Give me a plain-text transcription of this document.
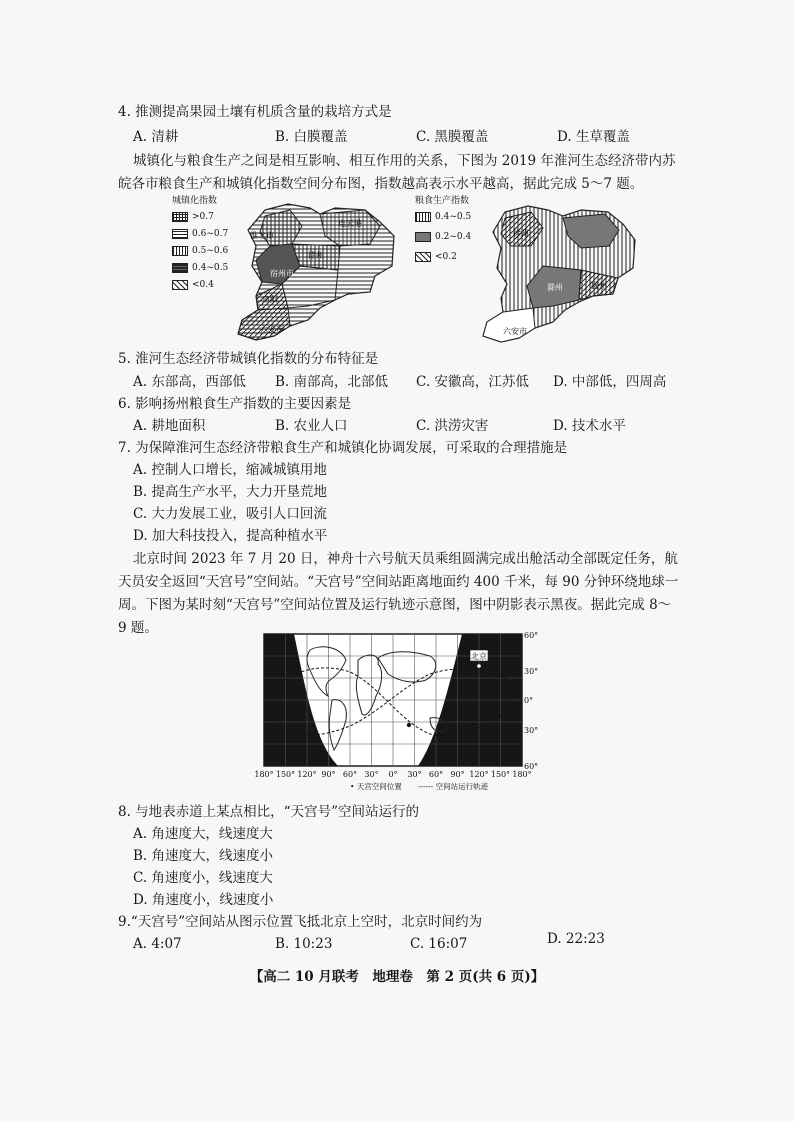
4. 推测提高果园土壤有机质含量的栽培方式是
A. 清耕	B. 白膜覆盖	C. 黑膜覆盖	D. 生草覆盖
城镇化与粮食生产之间是相互影响、相互作用的关系，下图为 2019 年淮河生态经济带内苏
皖各市粮食生产和城镇化指数空间分布图，指数越高表示水平越高，据此完成 5～7 题。
城镇化指数
>0.7
0.6~0.7
0.5~0.6
0.4~0.5
<0.4
淮北市
连云港
宿州市
徐州
六安市
阜阳
粮食生产指数
0.4~0.5
0.2~0.4
<0.2
扬州
滁州
六安市
徐州
5. 淮河生态经济带城镇化指数的分布特征是
A. 东部高，西部低 B. 南部高，北部低 C. 安徽高，江苏低 D. 中部低，四周高
6. 影响扬州粮食生产指数的主要因素是
A. 耕地面积	B. 农业人口	C. 洪涝灾害	D. 技术水平
7. 为保障淮河生态经济带粮食生产和城镇化协调发展，可采取的合理措施是
A. 控制人口增长，缩减城镇用地
B. 提高生产水平，大力开垦荒地
C. 大力发展工业，吸引人口回流
D. 加大科技投入，提高种植水平
北京时间 2023 年 7 月 20 日，神舟十六号航天员乘组圆满完成出舱活动全部既定任务，航
天员安全返回“天宫号”空间站。“天宫号”空间站距离地面约 400 千米，每 90 分钟环绕地球一
周。下图为某时刻“天宫号”空间站位置及运行轨迹示意图，图中阴影表示黑夜。据此完成 8～
9 题。
北京
60°
30°
0°
30°
60°
180° 150° 120° 90° 60° 30° 0° 30° 60° 90° 120° 150° 180°
• 天宫空间位置 ------ 空间站运行轨迹
8. 与地表赤道上某点相比，“天宫号”空间站运行的
A. 角速度大，线速度大
B. 角速度大，线速度小
C. 角速度小，线速度大
D. 角速度小，线速度小
9.“天宫号”空间站从图示位置飞抵北京上空时，北京时间约为
A. 4:07	B. 10:23	C. 16:07	D. 22:23
【高二 10 月联考　地理卷　第 2 页(共 6 页)】
